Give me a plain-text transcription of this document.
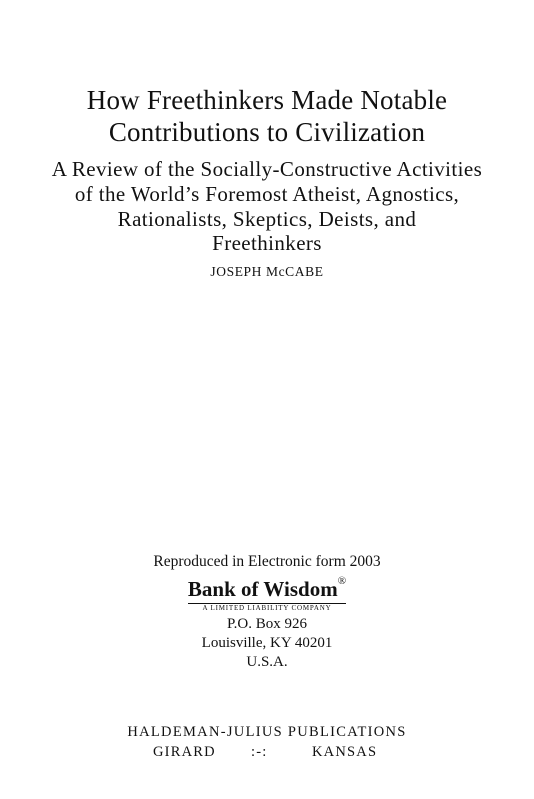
How Freethinkers Made Notable
Contributions to Civilization
A Review of the Socially-Constructive Activities
of the World’s Foremost Atheist, Agnostics,
Rationalists, Skeptics, Deists, and
Freethinkers
JOSEPH McCABE
Reproduced in Electronic form 2003
Bank of Wisdom®
A LIMITED LIABILITY COMPANY
P.O. Box 926
Louisville, KY 40201
U.S.A.
HALDEMAN-JULIUS PUBLICATIONS
GIRARD :-:	KANSAS
